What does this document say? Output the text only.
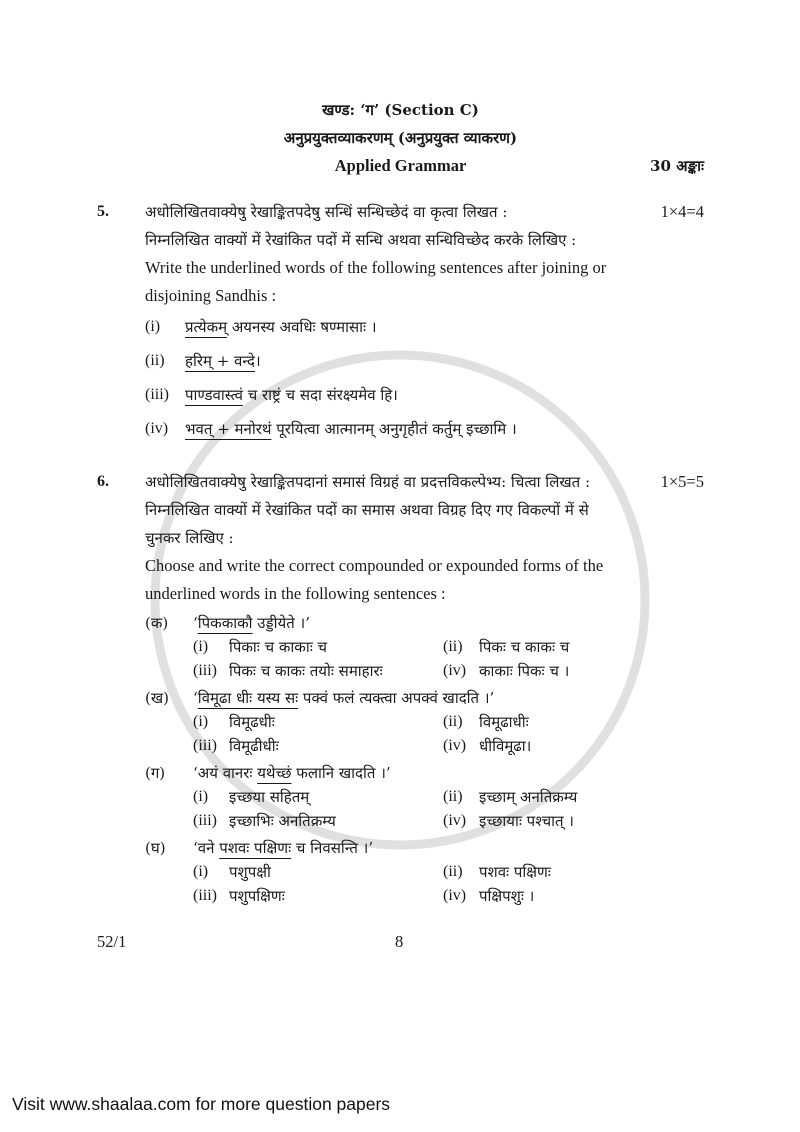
खण्ड: ‘ग’ (Section C)
अनुप्रयुक्तव्याकरणम् (अनुप्रयुक्त व्याकरण)
Applied Grammar	30 अङ्काः
5.	अधोलिखितवाक्येषु रेखाङ्कितपदेषु सन्धिं सन्धिच्छेदं वा कृत्वा लिखत :	1×4=4
निम्नलिखित वाक्यों में रेखांकित पदों में सन्धि अथवा सन्धिविच्छेद करके लिखिए :
Write the underlined words of the following sentences after joining or
disjoining Sandhis :
(i)	प्रत्येकम् अयनस्य अवधिः षण्मासाः ।
(ii)	हरिम् + वन्दे।
(iii)	पाण्डवास्त्वं च राष्ट्रं च सदा संरक्ष्यमेव हि।
(iv)	भवत् + मनोरथं पूरयित्वा आत्मानम् अनुगृहीतं कर्तुम् इच्छामि ।
6.	अधोलिखितवाक्येषु रेखाङ्कितपदानां समासं विग्रहं वा प्रदत्तविकल्पेभ्य: चित्वा लिखत :	1×5=5
निम्नलिखित वाक्यों में रेखांकित पदों का समास अथवा विग्रह दिए गए विकल्पों में से
चुनकर लिखिए :
Choose and write the correct compounded or expounded forms of the
underlined words in the following sentences :
(क)	‘पिककाकौ उड्डीयेते ।’
(i)	पिकाः च काकाः च	(ii)	पिकः च काकः च
(iii) पिकः च काकः तयोः समाहारः	(iv) काकाः पिकः च ।
(ख)	‘विमूढा धीः यस्य सः पक्वं फलं त्यक्त्वा अपक्वं खादति ।’
(i)	विमूढधीः	(ii)	विमूढाधीः
(iii) विमूढीधीः	(iv) धीविमूढा।
(ग)	‘अयं वानरः यथेच्छं फलानि खादति ।’
(i)	इच्छया सहितम्	(ii)	इच्छाम् अनतिक्रम्य
(iii) इच्छाभिः अनतिक्रम्य	(iv) इच्छायाः पश्चात् ।
(घ)	‘वने पशवः पक्षिणः च निवसन्ति ।’
(i)	पशुपक्षी	(ii)	पशवः पक्षिणः
(iii) पशुपक्षिणः	(iv) पक्षिपशुः ।
52/1	8
Visit www.shaalaa.com for more question papers
